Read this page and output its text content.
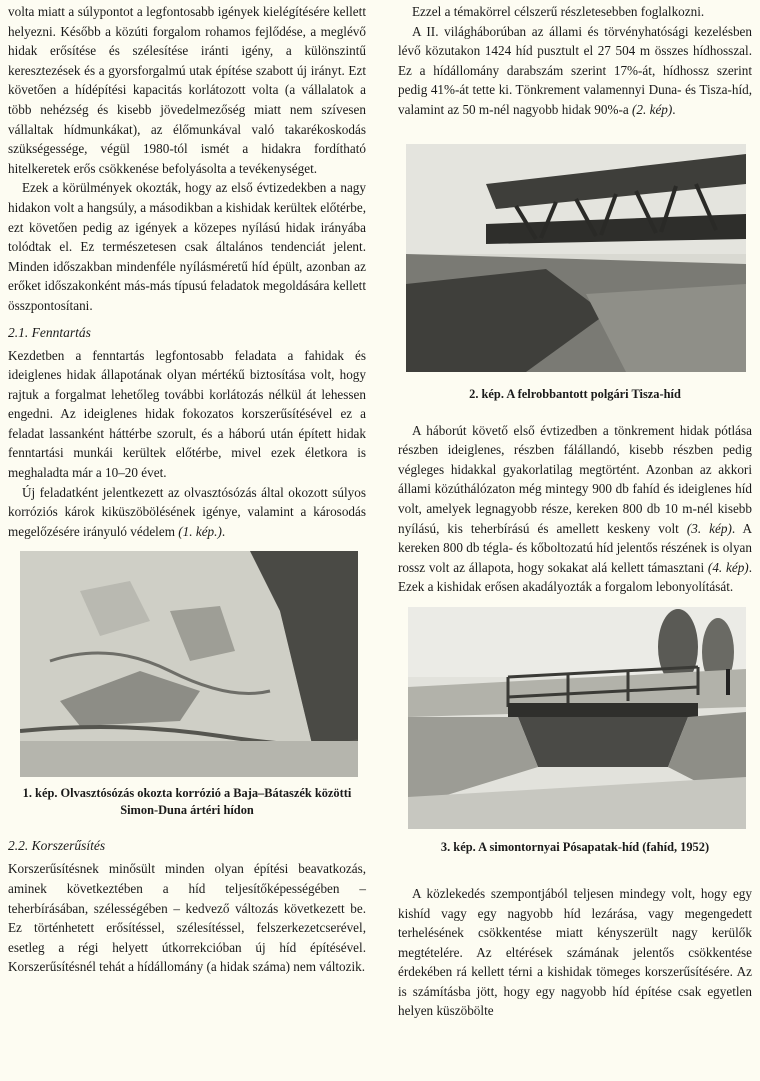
volta miatt a súlypontot a legfontosabb igények kielégítésére kellett helyezni. Később a közúti forgalom rohamos fejlődése, a meglévő hidak erősítése és szélesítése iránti igény, a különszintű keresztezések és a gyorsforgalmú utak építése szabott új irányt. Ezt követően a hídépítési kapacitás korlátozott volta (a vállalatok a több nehézség és kisebb jövedelmezőség miatt nem szívesen vállaltak hídmunkákat), az élőmunkával való takarékoskodás szükségessége, végül 1980-tól ismét a hidakra fordítható hitelkeretek erős csökkenése befolyásolta a tevékenységet.

Ezek a körülmények okozták, hogy az első évtizedekben a nagy hidakon volt a hangsúly, a másodikban a kishidak kerültek előtérbe, ezt követően pedig az igények a közepes nyílású hidak irányába tolódtak el. Ez természetesen csak általános tendenciát jelent. Minden időszakban mindenféle nyílásméretű híd épült, azonban az erőket időszakonként más-más típusú feladatok megoldására kellett összpontosítani.

2.1. Fenntartás

Kezdetben a fenntartás legfontosabb feladata a fahidak és ideiglenes hidak állapotának olyan mértékű biztosítása volt, hogy rajtuk a forgalmat lehetőleg további korlátozás nélkül át lehessen engedni. Az ideiglenes hidak fokozatos korszerűsítésével ez a feladat lassanként háttérbe szorult, és a háború után épített hidak fenntartási munkái kerültek előtérbe, mivel ezek életkora is meghaladta már a 10–20 évet.

Új feladatként jelentkezett az olvasztósózás által okozott súlyos korróziós károk kiküszöbölésének igénye, valamint a károsodás megelőzésére irányuló védelem (1. kép.).

1. kép. Olvasztósózás okozta korrózió a Baja–Bátaszék közötti Simon-Duna ártéri hídon
2.2. Korszerűsítés

Korszerűsítésnek minősült minden olyan építési beavatkozás, aminek következtében a híd teljesítőképességében – teherbírásában, szélességében – kedvező változás következett be. Ez történhetett erősítéssel, szélesítéssel, felszerkezetcserével, esetleg a régi helyett útkorrekcióban új híd építésével. Korszerűsítésnél tehát a hídállomány (a hidak száma) nem változik.

Ezzel a témakörrel célszerű részletesebben foglalkozni.

A II. világháborúban az állami és törvényhatósági kezelésben lévő közutakon 1424 híd pusztult el 27 504 m összes hídhosszal. Ez a hídállomány darabszám szerint 17%-át, hídhossz szerint pedig 41%-át tette ki. Tönkrement valamennyi Duna- és Tisza-híd, valamint az 50 m-nél nagyobb hidak 90%-a (2. kép).

2. kép. A felrobbantott polgári Tisza-híd

A háborút követő első évtizedben a tönkrement hidak pótlása részben ideiglenes, részben fálállandó, kisebb részben pedig végleges hidakkal gyakorlatilag megtörtént. Azonban az akkori állami közúthálózaton még mintegy 900 db fahíd és ideiglenes híd volt, amelyek legnagyobb része, kereken 800 db 10 m-nél kisebb nyílású, kis teherbírású és amellett keskeny volt (3. kép). A kereken 800 db tégla- és kőboltozatú híd jelentős részének is olyan rossz volt az állapota, hogy sokakat alá kellett támasztani (4. kép). Ezek a kishidak erősen akadályozták a forgalom lebonyolítását.

3. kép. A simontornyai Pósapatak-híd (fahíd, 1952)

A közlekedés szempontjából teljesen mindegy volt, hogy egy kishíd vagy egy nagyobb híd lezárása, vagy megengedett terhelésének csökkentése miatt kényszerült nagy kerülők megtételére. Az eltérések számának jelentős csökkentése érdekében rá kellett térni a kishidak tömeges korszerűsítésére. Az is számításba jött, hogy egy nagyobb híd építése csak egyetlen helyen küszöbölte
